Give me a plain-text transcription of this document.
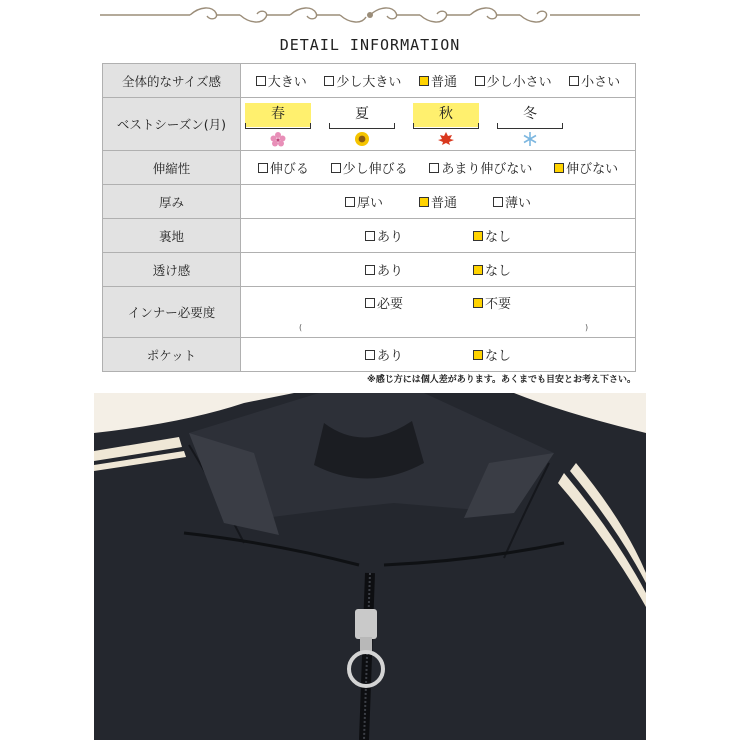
DETAIL INFORMATION
全体的なサイズ感	大きい 少し大きい 普通 少し小さい 小さい

ベストシーズン(月)	春 夏 秋 冬

伸縮性	伸びる 少し伸びる あまり伸びない 伸びない

厚み	厚い 普通 薄い

裏地	あり なし

透け感	あり なし

インナー必要度	必要 不要
( )

ポケット	あり なし
※感じ方には個人差があります。あくまでも目安とお考え下さい。
